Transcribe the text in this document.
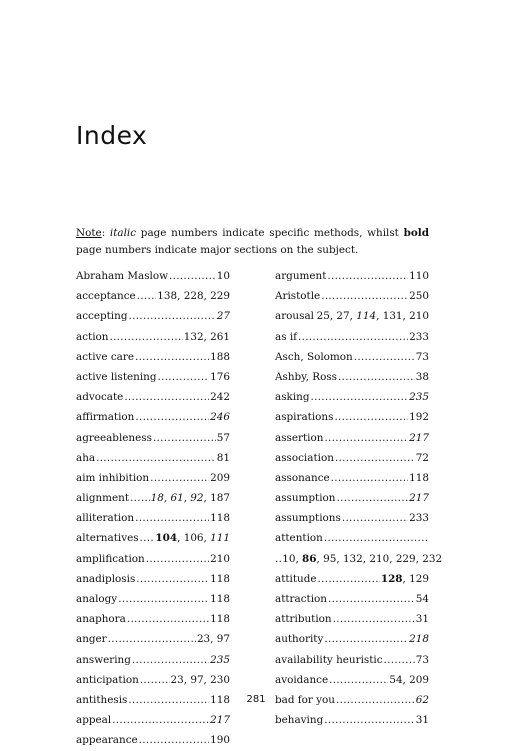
Index

Note: italic page numbers indicate specific methods, whilst bold page numbers indicate major sections on the subject.

Abraham Maslow .....	10
acceptance ..... 138, 228, 229
accepting .....	27
action .....	132, 261
active care .....	188
active listening .....	176
advocate .....	242
affirmation .....	246
agreeableness .....	57
aha .....	81
aim inhibition .....	209
alignment ..... 18, 61, 92, 187
alliteration .....	118
alternatives ..... 104, 106, 111
amplification .....	210
anadiplosis .....	118
analogy .....	118
anaphora .....	118
anger .....	23, 97
answering .....	235
anticipation .....	23, 97, 230
antithesis .....	118
appeal .....	217
appearance .....	190
argument .....	110
Aristotle .....	250
arousal ..... 25, 27, 114, 131, 210
as if .....	233
Asch, Solomon .....	73
Ashby, Ross .....	38
asking .....	235
aspirations .....	192
assertion .....	217
association .....	72
assonance .....	118
assumption .....	217
assumptions .....	233
attention
.....
..10, 86, 95, 132, 210, 229, 232
attitude .....	128, 129
attraction .....	54
attribution .....	31
authority .....	218
availability heuristic .....	73
avoidance .....	54, 209
bad for you .....	62
behaving .....	31
281
